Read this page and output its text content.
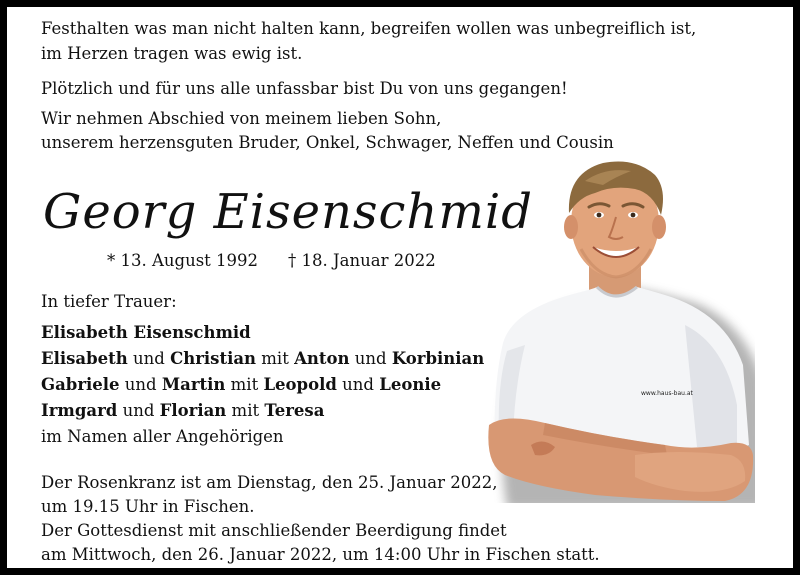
Festhalten was man nicht halten kann, begreifen wollen was unbegreiflich ist,
im Herzen tragen was ewig ist.
Plötzlich und für uns alle unfassbar bist Du von uns gegangen!
Wir nehmen Abschied von meinem lieben Sohn,
unserem herzensguten Bruder, Onkel, Schwager, Neffen und Cousin
Georg Eisenschmid
* 13. August 1992 † 18. Januar 2022
In tiefer Trauer:
Elisabeth Eisenschmid
Elisabeth und Christian mit Anton und Korbinian
Gabriele und Martin mit Leopold und Leonie
Irmgard und Florian mit Teresa
im Namen aller Angehörigen
Der Rosenkranz ist am Dienstag, den 25. Januar 2022,
um 19.15 Uhr in Fischen.
Der Gottesdienst mit anschließender Beerdigung findet
am Mittwoch, den 26. Januar 2022, um 14:00 Uhr in Fischen statt.
www.haus-bau.at
